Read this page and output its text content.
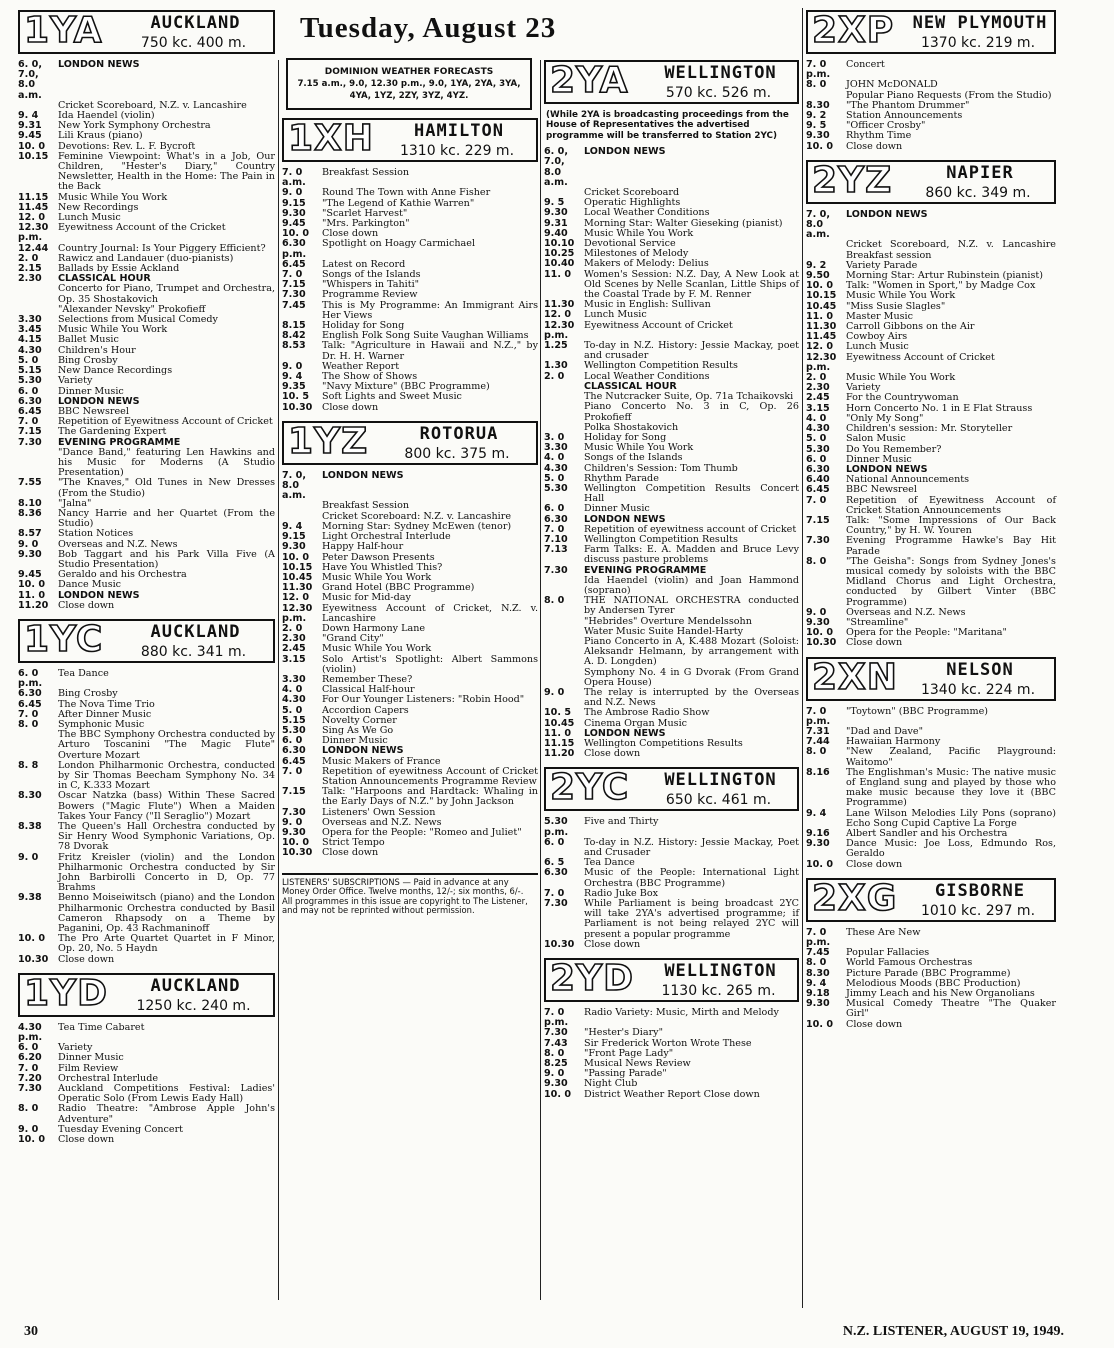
Tuesday, August 23
1YA	AUCKLAND
750 kc. 400 m.
6. 0, 7.0, 8.0 a.m.
LONDON NEWS
Cricket Scoreboard, N.Z. v. Lancashire
9. 4	Ida Haendel (violin)
9.31	New York Symphony Orchestra
9.45	Lili Kraus (piano)
10. 0	Devotions: Rev. L. F. Bycroft
10.15	Feminine Viewpoint: What's in a Job, Our Children, "Hester's Diary," Country Newsletter, Health in the Home: The Pain in the Back
11.15	Music While You Work
11.45	New Recordings
12. 0	Lunch Music
12.30 p.m.
Eyewitness Account of the Cricket
12.44	Country Journal: Is Your Piggery Efficient?
2. 0	Rawicz and Landauer (duo-pianists)
2.15	Ballads by Essie Ackland
2.30	CLASSICAL HOUR
Concerto for Piano, Trumpet and Orchestra, Op. 35 Shostakovich
"Alexander Nevsky" Prokofieff
3.30	Selections from Musical Comedy
3.45	Music While You Work
4.15	Ballet Music
4.30	Children's Hour
5. 0	Bing Crosby
5.15	New Dance Recordings
5.30	Variety
6. 0	Dinner Music
6.30	LONDON NEWS
6.45	BBC Newsreel
7. 0	Repetition of Eyewitness Account of Cricket
7.15	The Gardening Expert
7.30	EVENING PROGRAMME
"Dance Band," featuring Len Hawkins and his Music for Moderns (A Studio Presentation)
7.55	"The Knaves," Old Tunes in New Dresses (From the Studio)
8.10	"Jalna"
8.36	Nancy Harrie and her Quartet (From the Studio)
8.57	Station Notices
9. 0	Overseas and N.Z. News
9.30	Bob Taggart and his Park Villa Five (A Studio Presentation)
9.45	Geraldo and his Orchestra
10. 0	Dance Music
11. 0	LONDON NEWS
11.20	Close down
1YC	AUCKLAND
880 kc. 341 m.
6. 0 p.m.
Tea Dance
6.30	Bing Crosby
6.45	The Nova Time Trio
7. 0	After Dinner Music
8. 0	Symphonic Music
The BBC Symphony Orchestra conducted by Arturo Toscanini "The Magic Flute" Overture Mozart
8. 8	London Philharmonic Orchestra, conducted by Sir Thomas Beecham Symphony No. 34 in C, K.333 Mozart
8.30	Oscar Natzka (bass) Within These Sacred Bowers ("Magic Flute") When a Maiden Takes Your Fancy ("Il Seraglio") Mozart
8.38	The Queen's Hall Orchestra conducted by Sir Henry Wood Symphonic Variations, Op. 78 Dvorak
9. 0	Fritz Kreisler (violin) and the London Philharmonic Orchestra conducted by Sir John Barbirolli Concerto in D, Op. 77 Brahms
9.38	Benno Moiseiwitsch (piano) and the London Philharmonic Orchestra conducted by Basil Cameron Rhapsody on a Theme by Paganini, Op. 43 Rachmaninoff
10. 0	The Pro Arte Quartet Quartet in F Minor, Op. 20, No. 5 Haydn
10.30	Close down
1YD	AUCKLAND
1250 kc. 240 m.
4.30 p.m.
Tea Time Cabaret
6. 0	Variety
6.20	Dinner Music
7. 0	Film Review
7.20	Orchestral Interlude
7.30	Auckland Competitions Festival: Ladies' Operatic Solo (From Lewis Eady Hall)
8. 0	Radio Theatre: "Ambrose Apple John's Adventure"
9. 0	Tuesday Evening Concert
10. 0	Close down
DOMINION WEATHER FORECASTS
7.15 a.m., 9.0, 12.30 p.m., 9.0, 1YA, 2YA, 3YA, 4YA, 1YZ, 2ZY, 3YZ, 4YZ.
1XH	HAMILTON
1310 kc. 229 m.
7. 0 a.m.
Breakfast Session
9. 0	Round The Town with Anne Fisher
9.15	"The Legend of Kathie Warren"
9.30	"Scarlet Harvest"
9.45	"Mrs. Parkington"
10. 0	Close down
6.30 p.m.
Spotlight on Hoagy Carmichael
6.45	Latest on Record
7. 0	Songs of the Islands
7.15	"Whispers in Tahiti"
7.30	Programme Review
7.45	This is My Programme: An Immigrant Airs Her Views
8.15	Holiday for Song
8.42	English Folk Song Suite Vaughan Williams
8.53	Talk: "Agriculture in Hawaii and N.Z.," by Dr. H. H. Warner
9. 0	Weather Report
9. 4	The Show of Shows
9.35	"Navy Mixture" (BBC Programme)
10. 5	Soft Lights and Sweet Music
10.30	Close down
1YZ	ROTORUA
800 kc. 375 m.
7. 0, 8.0 a.m.
LONDON NEWS
Breakfast Session
Cricket Scoreboard: N.Z. v. Lancashire
9. 4	Morning Star: Sydney McEwen (tenor)
9.15	Light Orchestral Interlude
9.30	Happy Half-hour
10. 0	Peter Dawson Presents
10.15	Have You Whistled This?
10.45	Music While You Work
11.30	Grand Hotel (BBC Programme)
12. 0	Music for Mid-day
12.30 p.m.
Eyewitness Account of Cricket, N.Z. v. Lancashire
2. 0	Down Harmony Lane
2.30	"Grand City"
2.45	Music While You Work
3.15	Solo Artist's Spotlight: Albert Sammons (violin)
3.30	Remember These?
4. 0	Classical Half-hour
4.30	For Our Younger Listeners: "Robin Hood"
5. 0	Accordion Capers
5.15	Novelty Corner
5.30	Sing As We Go
6. 0	Dinner Music
6.30	LONDON NEWS
6.45	Music Makers of France
7. 0	Repetition of eyewitness Account of Cricket Station Announcements Programme Review
7.15	Talk: "Harpoons and Hardtack: Whaling in the Early Days of N.Z." by John Jackson
7.30	Listeners' Own Session
9. 0	Overseas and N.Z. News
9.30	Opera for the People: "Romeo and Juliet"
10. 0	Strict Tempo
10.30	Close down
LISTENERS' SUBSCRIPTIONS — Paid in advance at any Money Order Office. Twelve months, 12/-; six months, 6/-.
All programmes in this issue are copyright to The Listener, and may not be reprinted without permission.
2YA	WELLINGTON
570 kc. 526 m.
(While 2YA is broadcasting proceedings from the House of Representatives the advertised programme will be transferred to Station 2YC)
6. 0, 7.0, 8.0 a.m.
LONDON NEWS
Cricket Scoreboard
9. 5	Operatic Highlights
9.30	Local Weather Conditions
9.31	Morning Star: Walter Gieseking (pianist)
9.40	Music While You Work
10.10	Devotional Service
10.25	Milestones of Melody
10.40	Makers of Melody: Delius
11. 0	Women's Session: N.Z. Day, A New Look at Old Scenes by Nelle Scanlan, Little Ships of the Coastal Trade by F. M. Renner
11.30	Music in English: Sullivan
12. 0	Lunch Music
12.30 p.m.
Eyewitness Account of Cricket
1.25	To-day in N.Z. History: Jessie Mackay, poet and crusader
1.30	Wellington Competition Results
2. 0	Local Weather Conditions
CLASSICAL HOUR
The Nutcracker Suite, Op. 71a Tchaikovski
Piano Concerto No. 3 in C, Op. 26 Prokofieff
Polka Shostakovich
3. 0	Holiday for Song
3.30	Music While You Work
4. 0	Songs of the Islands
4.30	Children's Session: Tom Thumb
5. 0	Rhythm Parade
5.30	Wellington Competition Results Concert Hall
6. 0	Dinner Music
6.30	LONDON NEWS
7. 0	Repetition of eyewitness account of Cricket
7.10	Wellington Competition Results
7.13	Farm Talks: E. A. Madden and Bruce Levy discuss pasture problems
7.30	EVENING PROGRAMME
Ida Haendel (violin) and Joan Hammond (soprano)
8. 0	THE NATIONAL ORCHESTRA conducted by Andersen Tyrer
"Hebrides" Overture Mendelssohn
Water Music Suite Handel-Harty
Piano Concerto in A, K.488 Mozart (Soloist: Aleksandr Helmann, by arrangement with A. D. Longden)
Symphony No. 4 in G Dvorak (From Grand Opera House)
9. 0	The relay is interrupted by the Overseas and N.Z. News
10. 5	The Ambrose Radio Show
10.45	Cinema Organ Music
11. 0	LONDON NEWS
11.15	Wellington Competitions Results
11.20	Close down
2YC	WELLINGTON
650 kc. 461 m.
5.30 p.m.
Five and Thirty
6. 0	To-day in N.Z. History: Jessie Mackay, Poet and Crusader
6. 5	Tea Dance
6.30	Music of the People: International Light Orchestra (BBC Programme)
7. 0	Radio Juke Box
7.30	While Parliament is being broadcast 2YC will take 2YA's advertised programme; if Parliament is not being relayed 2YC will present a popular programme
10.30	Close down
2YD	WELLINGTON
1130 kc. 265 m.
7. 0 p.m.
Radio Variety: Music, Mirth and Melody
7.30	"Hester's Diary"
7.43	Sir Frederick Worton Wrote These
8. 0	"Front Page Lady"
8.25	Musical News Review
9. 0	"Passing Parade"
9.30	Night Club
10. 0	District Weather Report Close down
2XP	NEW PLYMOUTH
1370 kc. 219 m.
7. 0 p.m.
Concert
8. 0	JOHN McDONALD
Popular Piano Requests (From the Studio)
8.30	"The Phantom Drummer"
9. 2	Station Announcements
9. 5	"Officer Crosby"
9.30	Rhythm Time
10. 0	Close down
2YZ	NAPIER
860 kc. 349 m.
7. 0, 8.0 a.m.
LONDON NEWS
Cricket Scoreboard, N.Z. v. Lancashire Breakfast session
9. 2	Variety Parade
9.50	Morning Star: Artur Rubinstein (pianist)
10. 0	Talk: "Women in Sport," by Madge Cox
10.15	Music While You Work
10.45	"Miss Susie Slagles"
11. 0	Master Music
11.30	Carroll Gibbons on the Air
11.45	Cowboy Airs
12. 0	Lunch Music
12.30 p.m.
Eyewitness Account of Cricket
2. 0	Music While You Work
2.30	Variety
2.45	For the Countrywoman
3.15	Horn Concerto No. 1 in E Flat Strauss
4. 0	"Only My Song"
4.30	Children's session: Mr. Storyteller
5. 0	Salon Music
5.30	Do You Remember?
6. 0	Dinner Music
6.30	LONDON NEWS
6.40	National Announcements
6.45	BBC Newsreel
7. 0	Repetition of Eyewitness Account of Cricket Station Announcements
7.15	Talk: "Some Impressions of Our Back Country," by H. W. Youren
7.30	Evening Programme Hawke's Bay Hit Parade
8. 0	"The Geisha": Songs from Sydney Jones's musical comedy by soloists with the BBC Midland Chorus and Light Orchestra, conducted by Gilbert Vinter (BBC Programme)
9. 0	Overseas and N.Z. News
9.30	"Streamline"
10. 0	Opera for the People: "Maritana"
10.30	Close down
2XN	NELSON
1340 kc. 224 m.
7. 0 p.m.
"Toytown" (BBC Programme)
7.31	"Dad and Dave"
7.44	Hawaiian Harmony
8. 0	"New Zealand, Pacific Playground: Waitomo"
8.16	The Englishman's Music: The native music of England sung and played by those who make music because they love it (BBC Programme)
9. 4	Lane Wilson Melodies Lily Pons (soprano) Echo Song Cupid Captive La Forge
9.16	Albert Sandler and his Orchestra
9.30	Dance Music: Joe Loss, Edmundo Ros, Geraldo
10. 0	Close down
2XG	GISBORNE
1010 kc. 297 m.
7. 0 p.m.
These Are New
7.45	Popular Fallacies
8. 0	World Famous Orchestras
8.30	Picture Parade (BBC Programme)
9. 4	Melodious Moods (BBC Production)
9.18	Jimmy Leach and his New Organolians
9.30	Musical Comedy Theatre "The Quaker Girl"
10. 0	Close down
30	N.Z. LISTENER, AUGUST 19, 1949.
